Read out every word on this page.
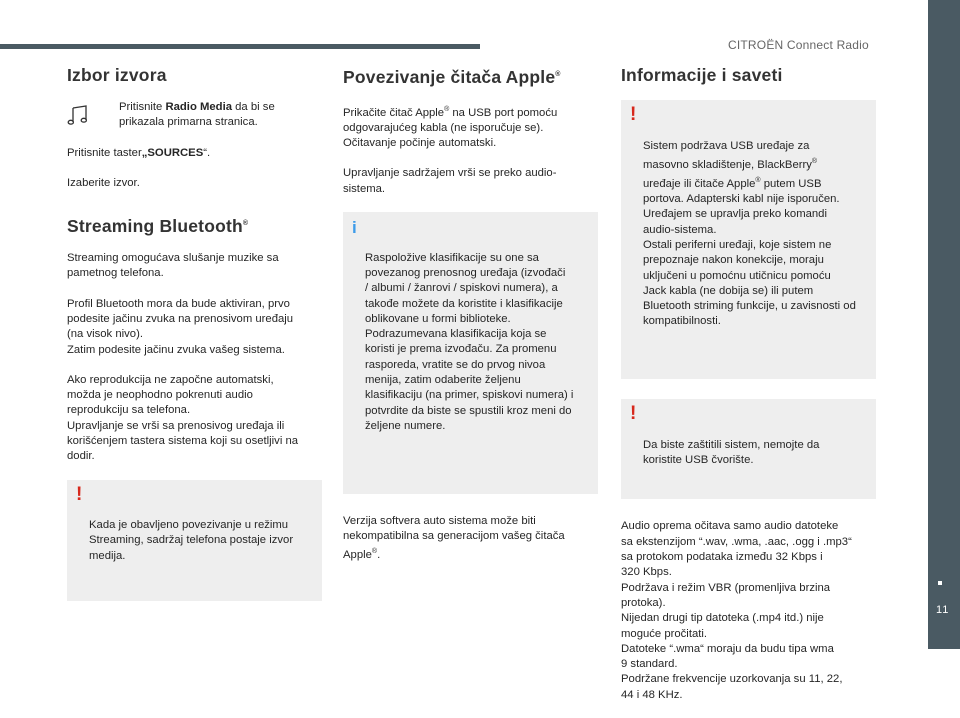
CITROËN Connect Radio
11
Izbor izvora
Pritisnite Radio Media da bi se
prikazala primarna stranica.

Pritisnite taster„SOURCES“.

Izaberite izvor.

Streaming Bluetooth®

Streaming omogućava slušanje muzike sa
pametnog telefona.

Profil Bluetooth mora da bude aktiviran, prvo
podesite jačinu zvuka na prenosivom uređaju
(na visok nivo).
Zatim podesite jačinu zvuka vašeg sistema.

Ako reprodukcija ne započne automatski,
možda je neophodno pokrenuti audio
reprodukciju sa telefona.
Upravljanje se vrši sa prenosivog uređaja ili
korišćenjem tastera sistema koji su osetljivi na
dodir.

!

Kada je obavljeno povezivanje u režimu
Streaming, sadržaj telefona postaje izvor
medija.

Povezivanje čitača Apple®

Prikačite čitač Apple® na USB port pomoću
odgovarajućeg kabla (ne isporučuje se).
Očitavanje počinje automatski.

Upravljanje sadržajem vrši se preko audio-
sistema.

i

Raspoložive klasifikacije su one sa
povezanog prenosnog uređaja (izvođači
/ albumi / žanrovi / spiskovi numera), a
takođe možete da koristite i klasifikacije
oblikovane u formi biblioteke.
Podrazumevana klasifikacija koja se
koristi je prema izvođaču. Za promenu
rasporeda, vratite se do prvog nivoa
menija, zatim odaberite željenu
klasifikaciju (na primer, spiskovi numera) i
potvrdite da biste se spustili kroz meni do
željene numere.

Verzija softvera auto sistema može biti
nekompatibilna sa generacijom vašeg čitača
Apple®.

Informacije i saveti

!

Sistem podržava USB uređaje za
masovno skladištenje, BlackBerry®
uređaje ili čitače Apple® putem USB
portova. Adapterski kabl nije isporučen.
Uređajem se upravlja preko komandi
audio-sistema.
Ostali periferni uređaji, koje sistem ne
prepoznaje nakon konekcije, moraju
uključeni u pomoćnu utičnicu pomoću
Jack kabla (ne dobija se) ili putem
Bluetooth striming funkcije, u zavisnosti od
kompatibilnosti.

!

Da biste zaštitili sistem, nemojte da
koristite USB čvorište.

Audio oprema očitava samo audio datoteke
sa ekstenzijom “.wav, .wma, .aac, .ogg i .mp3“
sa protokom podataka između 32 Kbps i
320 Kbps.
Podržava i režim VBR (promenljiva brzina
protoka).
Nijedan drugi tip datoteka (.mp4 itd.) nije
moguće pročitati.
Datoteke “.wma“ moraju da budu tipa wma
9 standard.
Podržane frekvencije uzorkovanja su 11, 22,
44 i 48 KHz.
